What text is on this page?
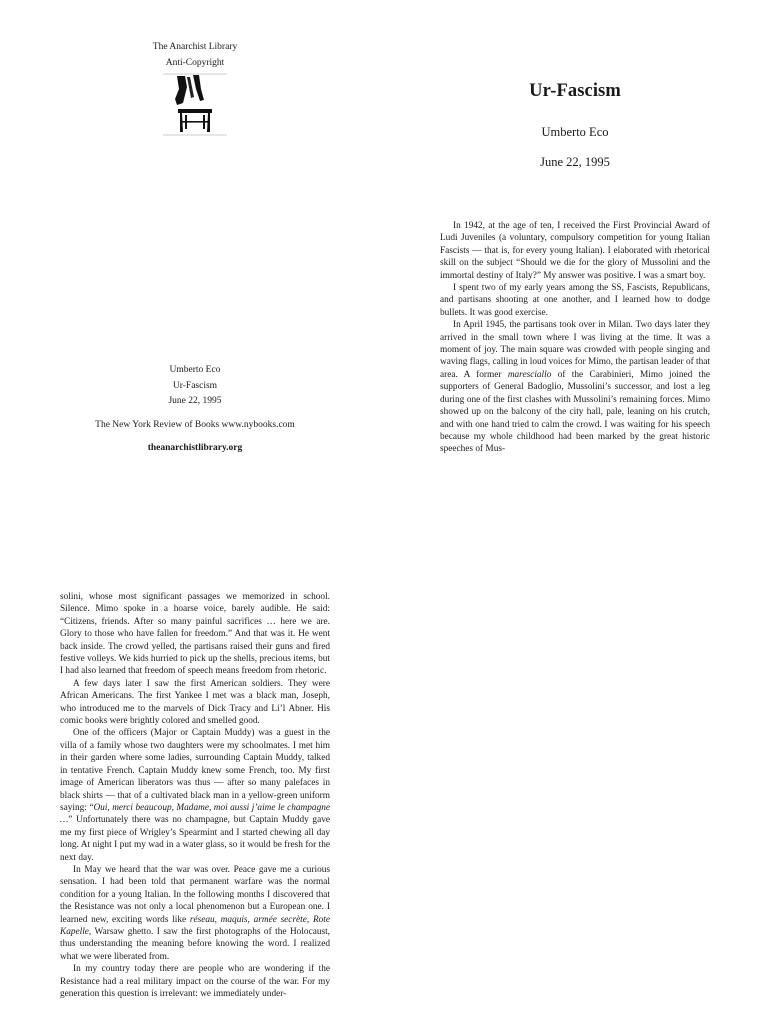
The Anarchist Library
Anti-Copyright
Umberto Eco
Ur-Fascism
June 22, 1995
The New York Review of Books www.nybooks.com
theanarchistlibrary.org
Ur-Fascism
Umberto Eco
June 22, 1995

In 1942, at the age of ten, I received the First Provincial Award of Ludi Juveniles (a voluntary, compulsory competition for young Italian Fascists — that is, for every young Italian). I elaborated with rhetorical skill on the subject “Should we die for the glory of Mussolini and the immortal destiny of Italy?” My answer was positive. I was a smart boy.

I spent two of my early years among the SS, Fascists, Republicans, and partisans shooting at one another, and I learned how to dodge bullets. It was good exercise.

In April 1945, the partisans took over in Milan. Two days later they arrived in the small town where I was living at the time. It was a moment of joy. The main square was crowded with people singing and waving flags, calling in loud voices for Mimo, the partisan leader of that area. A former maresciallo of the Carabinieri, Mimo joined the supporters of General Badoglio, Mussolini’s successor, and lost a leg during one of the first clashes with Mussolini’s remaining forces. Mimo showed up on the balcony of the city hall, pale, leaning on his crutch, and with one hand tried to calm the crowd. I was waiting for his speech because my whole childhood had been marked by the great historic speeches of Mus-

solini, whose most significant passages we memorized in school. Silence. Mimo spoke in a hoarse voice, barely audible. He said: “Citizens, friends. After so many painful sacrifices … here we are. Glory to those who have fallen for freedom.” And that was it. He went back inside. The crowd yelled, the partisans raised their guns and fired festive volleys. We kids hurried to pick up the shells, precious items, but I had also learned that freedom of speech means freedom from rhetoric.

A few days later I saw the first American soldiers. They were African Americans. The first Yankee I met was a black man, Joseph, who introduced me to the marvels of Dick Tracy and Li’l Abner. His comic books were brightly colored and smelled good.

One of the officers (Major or Captain Muddy) was a guest in the villa of a family whose two daughters were my schoolmates. I met him in their garden where some ladies, surrounding Captain Muddy, talked in tentative French. Captain Muddy knew some French, too. My first image of American liberators was thus — after so many palefaces in black shirts — that of a cultivated black man in a yellow-green uniform saying: “Oui, merci beaucoup, Madame, moi aussi j’aime le champagne …” Unfortunately there was no champagne, but Captain Muddy gave me my first piece of Wrigley’s Spearmint and I started chewing all day long. At night I put my wad in a water glass, so it would be fresh for the next day.

In May we heard that the war was over. Peace gave me a curious sensation. I had been told that permanent warfare was the normal condition for a young Italian. In the following months I discovered that the Resistance was not only a local phenomenon but a European one. I learned new, exciting words like réseau, maquis, armée secrète, Rote Kapelle, Warsaw ghetto. I saw the first photographs of the Holocaust, thus understanding the meaning before knowing the word. I realized what we were liberated from.

In my country today there are people who are wondering if the Resistance had a real military impact on the course of the war. For my generation this question is irrelevant: we immediately under-
